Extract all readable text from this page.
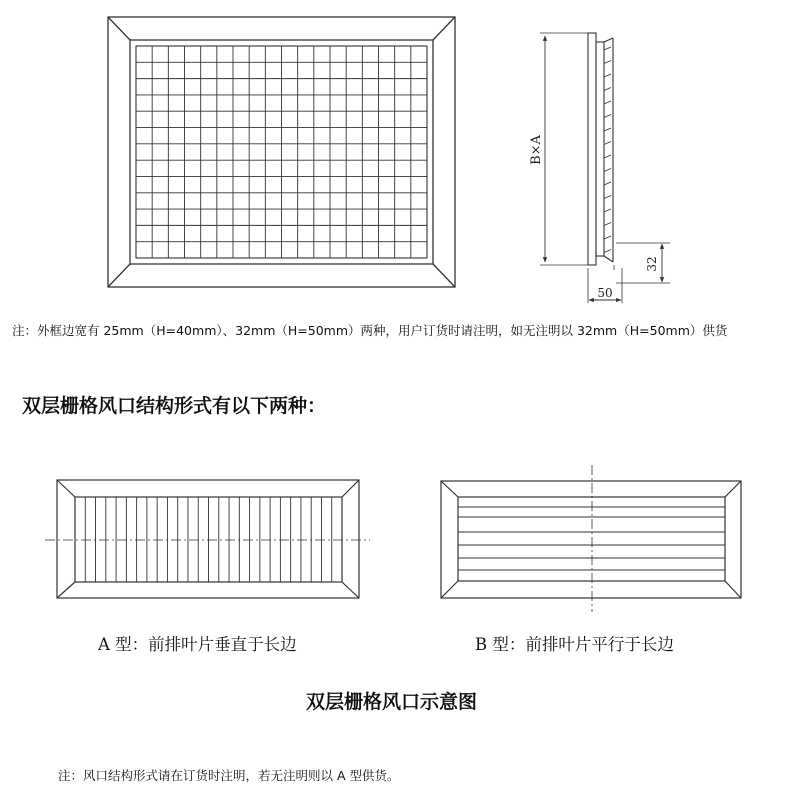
B×A
50
32
注：外框边宽有 25mm（H=40mm）、32mm（H=50mm）两种，用户订货时请注明，如无注明以 32mm（H=50mm）供货
双层栅格风口结构形式有以下两种：
A 型：前排叶片垂直于长边	B 型：前排叶片平行于长边
双层栅格风口示意图
注：风口结构形式请在订货时注明，若无注明则以 A 型供货。
